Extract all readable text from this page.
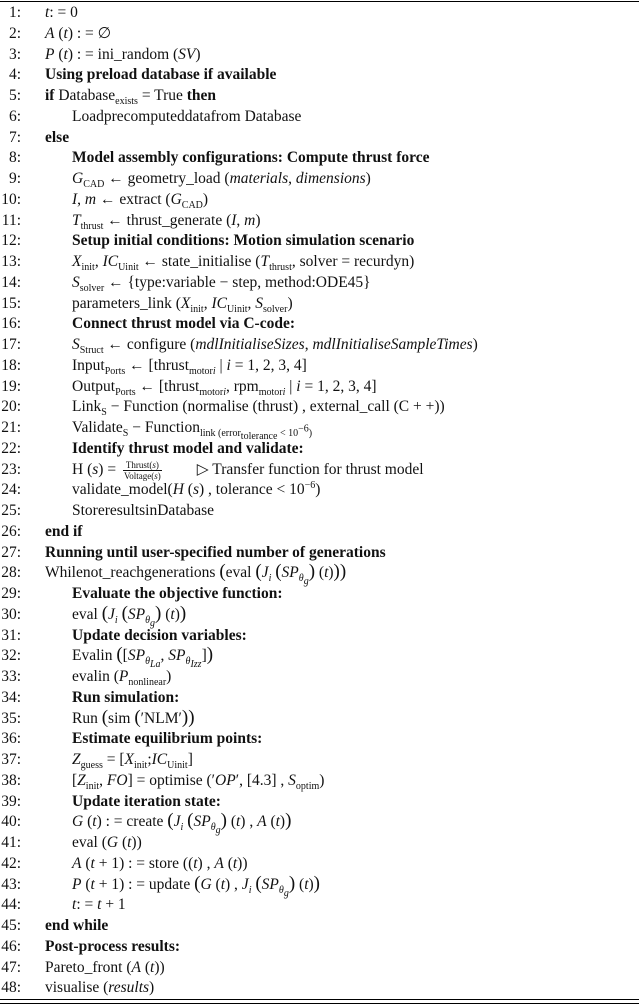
1: t: = 0
2: A (t) : = ∅
3: P (t) : = ini_random (SV)
4: Using preload database if available
5: if Database$_{exists}$ = True then
6:	Loadprecomputeddatafrom Database
7: else
8:	Model assembly configurations: Compute thrust force
9:	$G_{CAD}$ ← geometry_load (materials, dimensions)
10:	I, m ← extract $(G_{CAD})$
11:	$T_{thrust}$ ← thrust_generate (I, m)
12:	Setup initial conditions: Motion simulation scenario
13:	$X_{init}$, $IC_{Uinit}$ ← state_initialise ($T_{thrust}$, solver = recurdyn)
14:	$S_{solver}$ ← {type:variable − step, method:ODE45}
15:	parameters_link ($X_{init}$, $IC_{Uinit}$, $S_{solver}$)
16:	Connect thrust model via C-code:
17:	$S_{Struct}$ ← configure (mdlInitialiseSizes, mdlInitialiseSampleTimes)
18:	Input$_{Ports}$ ← [thrust$_{motori}$ | i = 1, 2, 3, 4]
19:	Output$_{Ports}$ ← [thrust$_{motori}$, rpm$_{motori}$ | i = 1, 2, 3, 4]
20:	Link$_S$ − Function (normalise (thrust) , external_call (C + +))
21:	Validate$_S$ − Function$_{link (error_{tolerance} < 10^{-6})}$
22:	Identify thrust model and validate:
23:	H $(s) = \frac{\text{Thrust(s)}}{\text{Voltage(s)}}$ ▷ Transfer function for thrust model
24:	validate_model(H (s) , tolerance < $10^{-6}$)
25:	StoreresultsinDatabase
26: end if
27: Running until user-specified number of generations
28: Whilenot_reachgenerations (eval ($J_i$ $(SP_{\theta_g})$ (t)))
29:	Evaluate the objective function:
30:	eval ($J_i$ $(SP_{\theta_g})$ (t))
31:	Update decision variables:
32:	Evalin ([$SP_{\theta_{La}}$, $SP_{\theta_{Izz}}$])
33:	evalin $(P_{nonlinear})$
34:	Run simulation:
35:	Run (sim (′NLM′))
36:	Estimate equilibrium points:
37:	$Z_{guess}$ = $[X_{init};IC_{Uinit}]$
38:	[$Z_{init}$, FO] = optimise (′OP′, [4.3] , $S_{optim}$)
39:	Update iteration state:
40:	G (t) : = create ($J_i$ $(SP_{\theta_g})$ (t) , A (t))
41:	eval (G (t))
42:	A (t + 1) : = store ((t) , A (t))
43:	P (t + 1) : = update (G (t) , $J_i$ $(SP_{\theta_g})$ (t))
44:	t: = t + 1
45: end while
46: Post-process results:
47: Pareto_front (A (t))
48: visualise (results)
